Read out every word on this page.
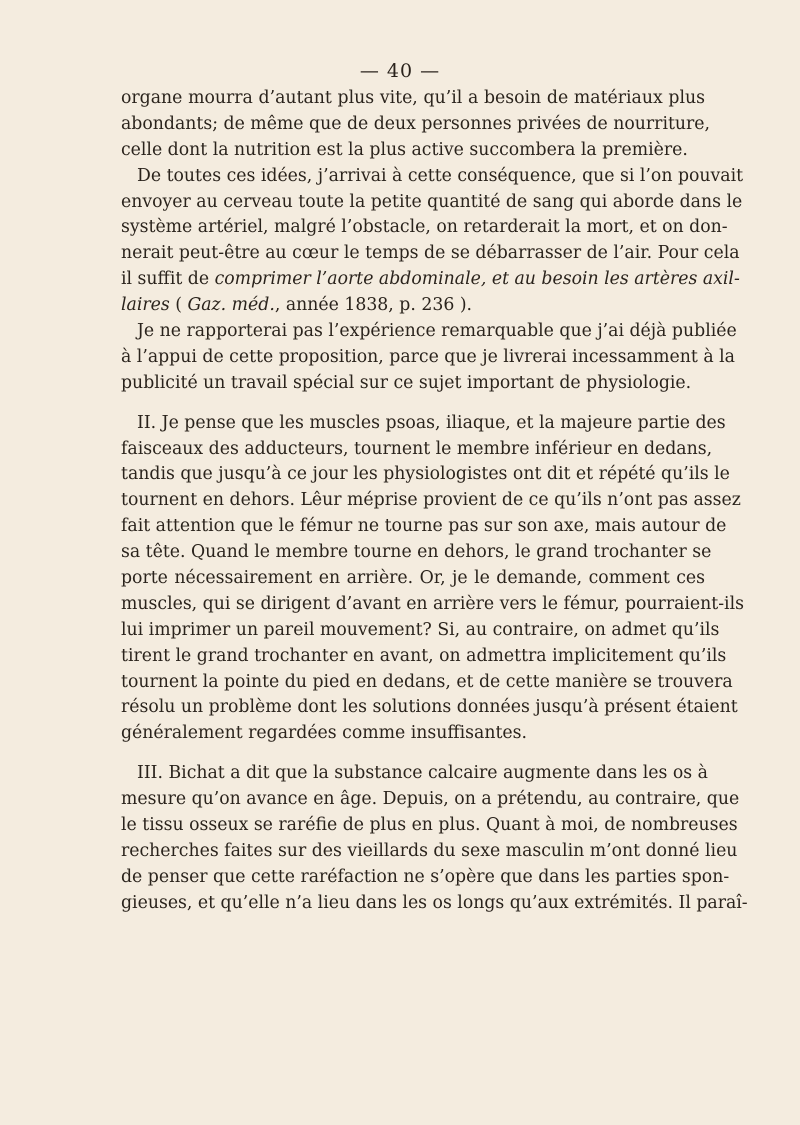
— 40 —
organe mourra d’autant plus vite, qu’il a besoin de matériaux plus
abondants; de même que de deux personnes privées de nourriture,
celle dont la nutrition est la plus active succombera la première.
De toutes ces idées, j’arrivai à cette conséquence, que si l’on pouvait
envoyer au cerveau toute la petite quantité de sang qui aborde dans le
système artériel, malgré l’obstacle, on retarderait la mort, et on don-
nerait peut-être au cœur le temps de se débarrasser de l’air. Pour cela
il suffit de comprimer l’aorte abdominale, et au besoin les artères axil-
laires ( Gaz. méd., année 1838, p. 236 ).
Je ne rapporterai pas l’expérience remarquable que j’ai déjà publiée
à l’appui de cette proposition, parce que je livrerai incessamment à la
publicité un travail spécial sur ce sujet important de physiologie.
II. Je pense que les muscles psoas, iliaque, et la majeure partie des
faisceaux des adducteurs, tournent le membre inférieur en dedans,
tandis que jusqu’à ce jour les physiologistes ont dit et répété qu’ils le
tournent en dehors. Lêur méprise provient de ce qu’ils n’ont pas assez
fait attention que le fémur ne tourne pas sur son axe, mais autour de
sa tête. Quand le membre tourne en dehors, le grand trochanter se
porte nécessairement en arrière. Or, je le demande, comment ces
muscles, qui se dirigent d’avant en arrière vers le fémur, pourraient-ils
lui imprimer un pareil mouvement? Si, au contraire, on admet qu’ils
tirent le grand trochanter en avant, on admettra implicitement qu’ils
tournent la pointe du pied en dedans, et de cette manière se trouvera
résolu un problème dont les solutions données jusqu’à présent étaient
généralement regardées comme insuffisantes.
III. Bichat a dit que la substance calcaire augmente dans les os à
mesure qu’on avance en âge. Depuis, on a prétendu, au contraire, que
le tissu osseux se raréfie de plus en plus. Quant à moi, de nombreuses
recherches faites sur des vieillards du sexe masculin m’ont donné lieu
de penser que cette raréfaction ne s’opère que dans les parties spon-
gieuses, et qu’elle n’a lieu dans les os longs qu’aux extrémités. Il paraî-
